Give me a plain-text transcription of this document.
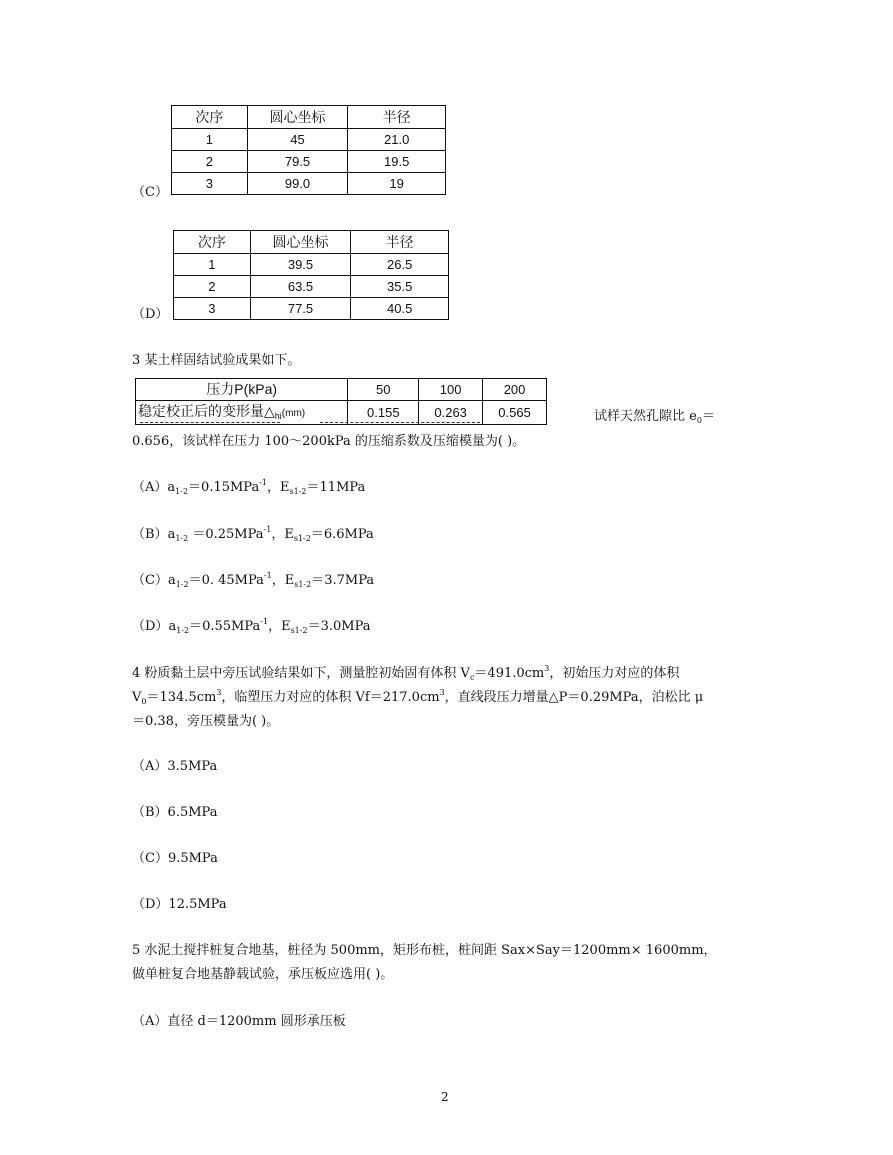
次序	圆心坐标	半径
1	45	21.0
2	79.5	19.5
3	99.0	19
（C）
次序	圆心坐标	半径
1	39.5	26.5
2	63.5	35.5
3	77.5	40.5
（D）
3 某土样固结试验成果如下。
压力P(kPa)	50	100	200
稳定校正后的变形量$\triangle_{hi}(mm)$	0.155	0.263	0.565	试样天然孔隙比 $e_0=$
0.656，该试样在压力 100～200kPa 的压缩系数及压缩模量为( )。
$(A)a_{1-2}=0.15MPa^{-1}$，$E_{s1-2}=11MPa$
$(B)a_{1-2} =0.25MPa^{-1}$，$E_{s1-2}=6.6MPa$
$(C)a_{1-2}=0$. 45MPa$^{-1}$，$E_{s1-2}=3.7MPa$
$(D)a_{1-2}=0.55MPa^{-1}$，$E_{s1-2}=3.0MPa$
4 粉质黏土层中旁压试验结果如下，测量腔初始固有体积 $V_c=491.0cm^3$，初始压力对应的体积
$V_0=134.5cm^3$，临塑压力对应的体积 $Vf=217.0cm^3$，直线段压力增量△P＝0.29MPa，泊松比 μ
＝0.38，旁压模量为( )。
（A）3.5MPa
（B）6.5MPa
（C）9.5MPa
（D）12.5MPa
5 水泥土搅拌桩复合地基，桩径为 500mm，矩形布桩，桩间距 Sax×Say＝1200mm× 1600mm，
做单桩复合地基静载试验，承压板应选用( )。
（A）直径 d＝1200mm 圆形承压板
2
